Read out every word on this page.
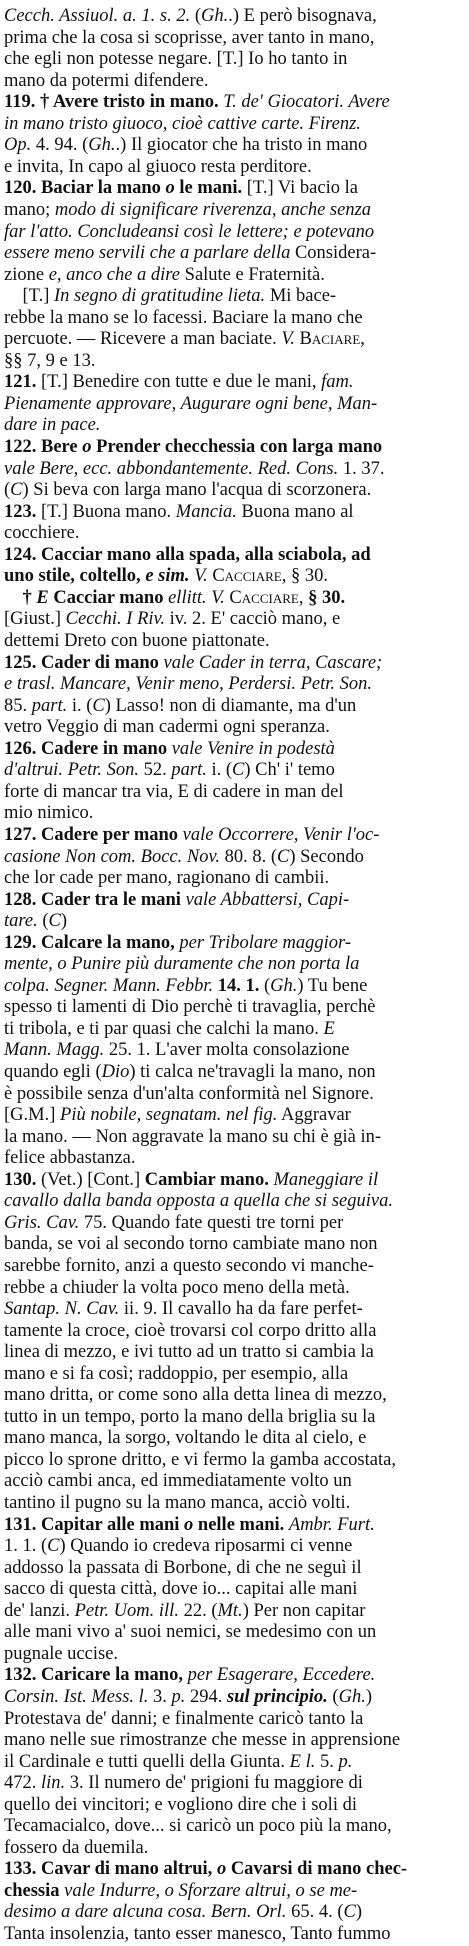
Cecch. Assiuol. a. 1. s. 2. (Gh..) E però bisognava,
prima che la cosa si scoprisse, aver tanto in mano,
che egli non potesse negare. [T.] Io ho tanto in
mano da potermi difendere.
119. † Avere tristo in mano. T. de' Giocatori. Avere
in mano tristo giuoco, cioè cattive carte. Firenz.
Op. 4. 94. (Gh..) Il giocator che ha tristo in mano
e invita, In capo al giuoco resta perditore.
120. Baciar la mano o le mani. [T.] Vi bacio la
mano; modo di significare riverenza, anche senza
far l'atto. Concludeansi così le lettere; e potevano
essere meno servili che a parlare della Considera-
zione e, anco che a dire Salute e Fraternità.
[T.] In segno di gratitudine lieta. Mi bace-
rebbe la mano se lo facessi. Baciare la mano che
percuote. — Ricevere a man baciate. V. Baciare,
§§ 7, 9 e 13.
121. [T.] Benedire con tutte e due le mani, fam.
Pienamente approvare, Augurare ogni bene, Man-
dare in pace.
122. Bere o Prender checchessia con larga mano
vale Bere, ecc. abbondantemente. Red. Cons. 1. 37.
(C) Si beva con larga mano l'acqua di scorzonera.
123. [T.] Buona mano. Mancia. Buona mano al
cocchiere.
124. Cacciar mano alla spada, alla sciabola, ad
uno stile, coltello, e sim. V. Cacciare, § 30.
† E Cacciar mano ellitt. V. Cacciare, § 30.
[Giust.] Cecchi. I Riv. iv. 2. E' cacciò mano, e
dettemi Dreto con buone piattonate.
125. Cader di mano vale Cader in terra, Cascare;
e trasl. Mancare, Venir meno, Perdersi. Petr. Son.
85. part. i. (C) Lasso! non di diamante, ma d'un
vetro Veggio di man cadermi ogni speranza.
126. Cadere in mano vale Venire in podestà
d'altrui. Petr. Son. 52. part. i. (C) Ch' i' temo
forte di mancar tra via, E di cadere in man del
mio nimico.
127. Cadere per mano vale Occorrere, Venir l'oc-
casione Non com. Bocc. Nov. 80. 8. (C) Secondo
che lor cade per mano, ragionano di cambii.
128. Cader tra le mani vale Abbattersi, Capi-
tare. (C)
129. Calcare la mano, per Tribolare maggior-
mente, o Punire più duramente che non porta la
colpa. Segner. Mann. Febbr. 14. 1. (Gh.) Tu bene
spesso ti lamenti di Dio perchè ti travaglia, perchè
ti tribola, e ti par quasi che calchi la mano. E
Mann. Magg. 25. 1. L'aver molta consolazione
quando egli (Dio) ti calca ne'travagli la mano, non
è possibile senza d'un'alta conformità nel Signore.
[G.M.] Più nobile, segnatam. nel fig. Aggravar
la mano. — Non aggravate la mano su chi è già in-
felice abbastanza.
130. (Vet.) [Cont.] Cambiar mano. Maneggiare il
cavallo dalla banda opposta a quella che si seguiva.
Gris. Cav. 75. Quando fate questi tre torni per
banda, se voi al secondo torno cambiate mano non
sarebbe fornito, anzi a questo secondo vi manche-
rebbe a chiuder la volta poco meno della metà.
Santap. N. Cav. ii. 9. Il cavallo ha da fare perfet-
tamente la croce, cioè trovarsi col corpo dritto alla
linea di mezzo, e ivi tutto ad un tratto si cambia la
mano e si fa così; raddoppio, per esempio, alla
mano dritta, or come sono alla detta linea di mezzo,
tutto in un tempo, porto la mano della briglia su la
mano manca, la sorgo, voltando le dita al cielo, e
picco lo sprone dritto, e vi fermo la gamba accostata,
acciò cambi anca, ed immediatamente volto un
tantino il pugno su la mano manca, acciò volti.
131. Capitar alle mani o nelle mani. Ambr. Furt.
1. 1. (C) Quando io credeva riposarmi ci venne
addosso la passata di Borbone, di che ne seguì il
sacco di questa città, dove io... capitai alle mani
de' lanzi. Petr. Uom. ill. 22. (Mt.) Per non capitar
alle mani vivo a' suoi nemici, se medesimo con un
pugnale uccise.
132. Caricare la mano, per Esagerare, Eccedere.
Corsin. Ist. Mess. l. 3. p. 294. sul principio. (Gh.)
Protestava de' danni; e finalmente caricò tanto la
mano nelle sue rimostranze che messe in apprensione
il Cardinale e tutti quelli della Giunta. E l. 5. p.
472. lin. 3. Il numero de' prigioni fu maggiore di
quello dei vincitori; e vogliono dire che i soli di
Tecamacialco, dove... si caricò un poco più la mano,
fossero da duemila.
133. Cavar di mano altrui, o Cavarsi di mano chec-
chessia vale Indurre, o Sforzare altrui, o se me-
desimo a dare alcuna cosa. Bern. Orl. 65. 4. (C)
Tanta insolenzia, tanto esser manesco, Tanto fummo
